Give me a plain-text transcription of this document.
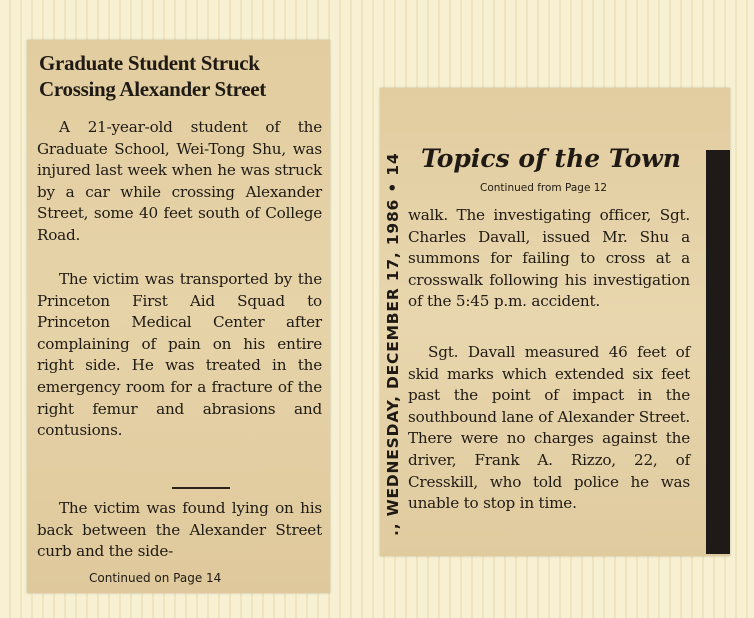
Graduate Student Struck Crossing Alexander Street

A 21-year-old student of the Graduate School, Wei-Tong Shu, was injured last week when he was struck by a car while crossing Alexander Street, some 40 feet south of College Road.

The victim was transported by the Princeton First Aid Squad to Princeton Medical Center after complaining of pain on his entire right side. He was treated in the emergency room for a fracture of the right femur and abrasions and contusions.

The victim was found lying on his back between the Alexander Street curb and the side-

Continued on Page 14
., WEDNESDAY, DECEMBER 17, 1986 • 14 Topics of the Town
Continued from Page 12

walk. The investigating officer, Sgt. Charles Davall, issued Mr. Shu a summons for failing to cross at a crosswalk following his investigation of the 5:45 p.m. accident.

Sgt. Davall measured 46 feet of skid marks which extended six feet past the point of impact in the southbound lane of Alexander Street. There were no charges against the driver, Frank A. Rizzo, 22, of Cresskill, who told police he was unable to stop in time.
